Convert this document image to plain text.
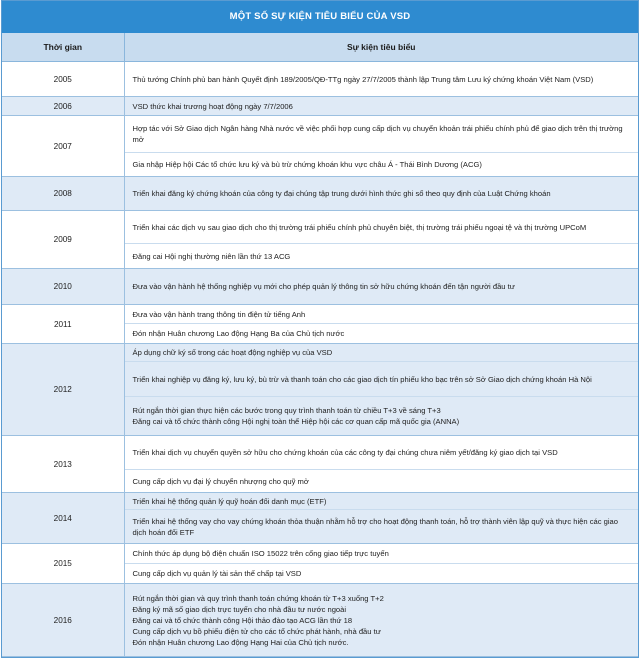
MỘT SỐ SỰ KIỆN TIÊU BIỂU CỦA VSD
Thời gian	Sự kiện tiêu biểu
2005	Thủ tướng Chính phủ ban hành Quyết định 189/2005/QĐ-TTg ngày 27/7/2005 thành lập Trung tâm Lưu ký chứng khoán Việt Nam (VSD)
2006	VSD thức khai trương hoạt động ngày 7/7/2006
2007	Hợp tác với Sở Giao dịch Ngân hàng Nhà nước về việc phối hợp cung cấp dịch vụ chuyển khoản trái phiếu chính phủ để giao dịch trên thị trường mở
	Gia nhập Hiệp hội Các tổ chức lưu ký và bù trừ chứng khoán khu vực châu Á - Thái Bình Dương (ACG)
2008	Triển khai đăng ký chứng khoán của công ty đại chúng tập trung dưới hình thức ghi sổ theo quy định của Luật Chứng khoán
2009	Triển khai các dịch vụ sau giao dịch cho thị trường trái phiếu chính phủ chuyên biệt, thị trường trái phiếu ngoại tệ và thị trường UPCoM
	Đăng cai Hội nghị thường niên lần thứ 13 ACG
2010	Đưa vào vận hành hệ thống nghiệp vụ mới cho phép quản lý thông tin sở hữu chứng khoán đến tận người đầu tư
2011	Đưa vào vận hành trang thông tin điện tử tiếng Anh
	Đón nhận Huân chương Lao động Hạng Ba của Chủ tịch nước
2012	Áp dụng chữ ký số trong các hoạt động nghiệp vụ của VSD
	Triển khai nghiệp vụ đăng ký, lưu ký, bù trừ và thanh toán cho các giao dịch tín phiếu kho bạc trên sở Sở Giao dịch chứng khoán Hà Nội
	Rút ngắn thời gian thực hiện các bước trong quy trình thanh toán từ chiều T+3 về sáng T+3
Đăng cai và tổ chức thành công Hội nghị toàn thể Hiệp hội các cơ quan cấp mã quốc gia (ANNA)
2013	Triển khai dịch vụ chuyển quyền sở hữu cho chứng khoán của các công ty đại chúng chưa niêm yết/đăng ký giao dịch tại VSD
	Cung cấp dịch vụ đại lý chuyển nhượng cho quỹ mở
2014	Triển khai hệ thống quản lý quỹ hoán đổi danh mục (ETF)
	Triển khai hệ thống vay cho vay chứng khoán thỏa thuận nhằm hỗ trợ cho hoạt động thanh toán, hỗ trợ thành viên lập quỹ và thực hiện các giao dịch hoán đổi ETF
2015	Chính thức áp dụng bộ điện chuẩn ISO 15022 trên cổng giao tiếp trực tuyến
	Cung cấp dịch vụ quản lý tài sản thế chấp tại VSD
2016	Rút ngắn thời gian và quy trình thanh toán chứng khoán từ T+3 xuống T+2
Đăng ký mã số giao dịch trực tuyến cho nhà đầu tư nước ngoài
Đăng cai và tổ chức thành công Hội thảo đào tạo ACG lần thứ 18
Cung cấp dịch vụ bồ phiếu điện tử cho các tổ chức phát hành, nhà đầu tư
Đón nhận Huân chương Lao động Hạng Hai của Chủ tịch nước.
